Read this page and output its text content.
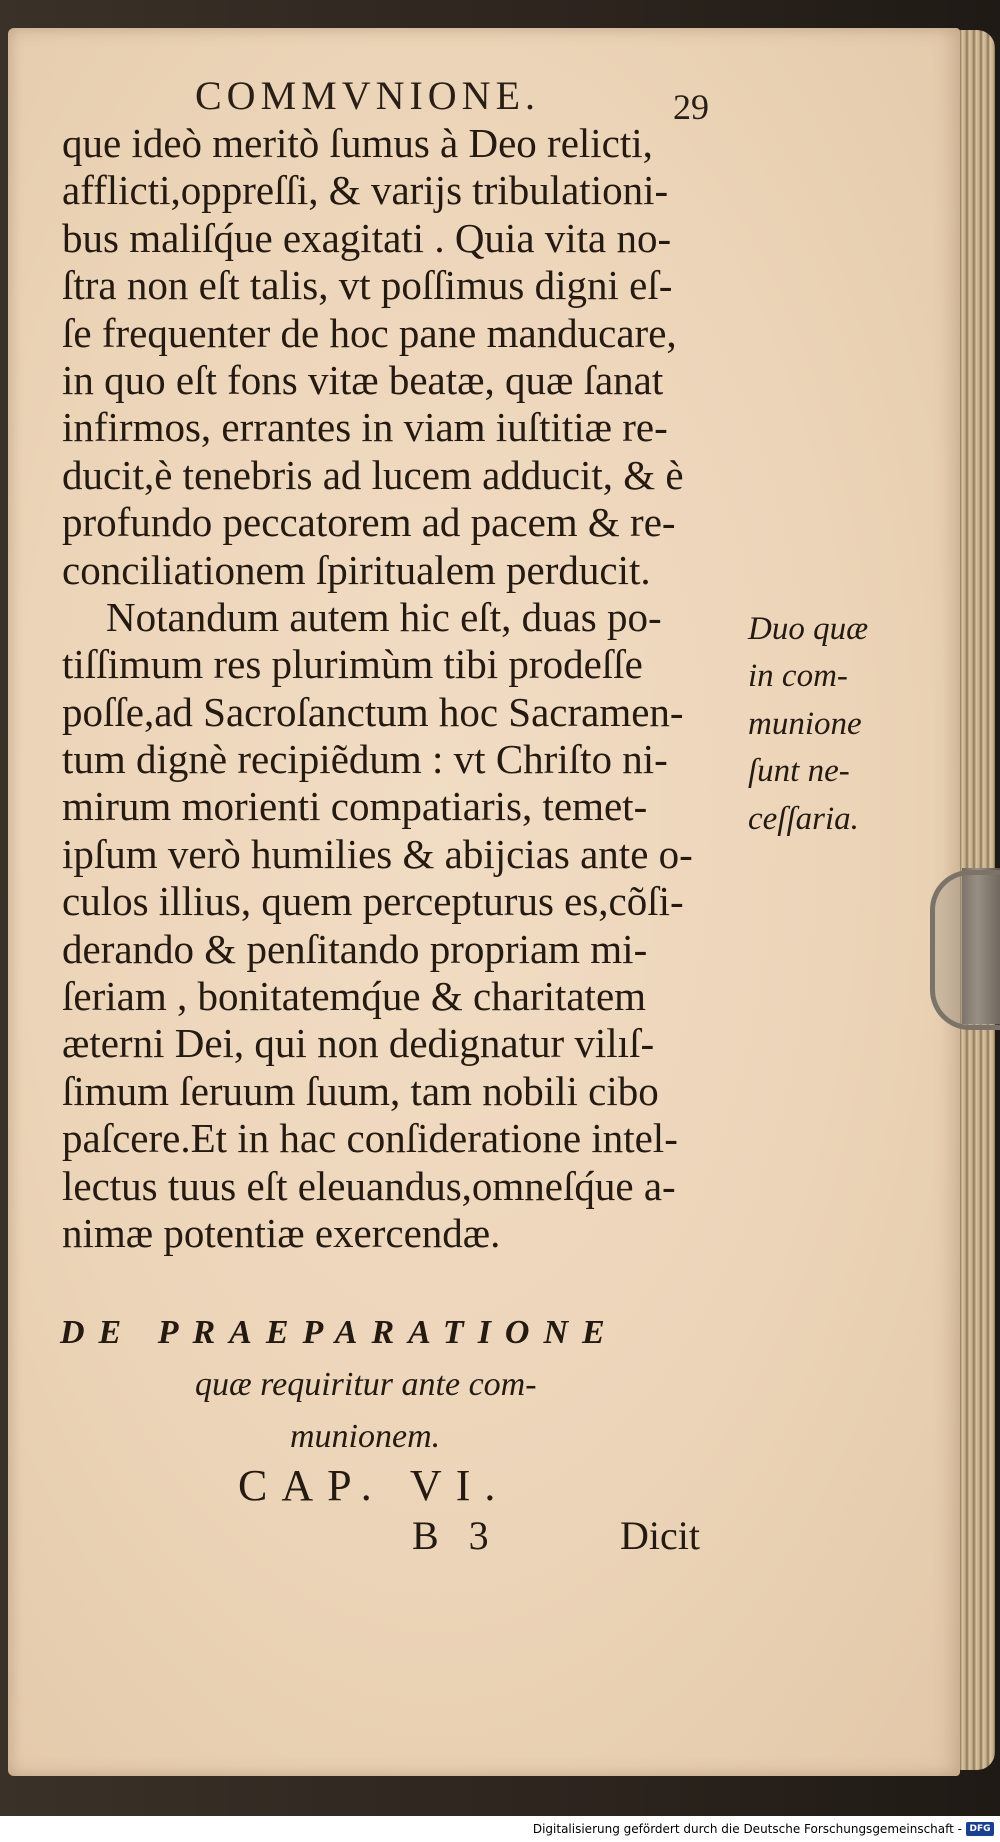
COMMVNIONE.	29
que ideò meritò ſumus à Deo relicti,
afflicti,oppreſſi, & varijs tribulationi-
bus maliſq́ue exagitati . Quia vita no-
ſtra non eſt talis, vt poſſimus digni eſ-
ſe frequenter de hoc pane manducare,
in quo eſt fons vitæ beatæ, quæ ſanat
infirmos, errantes in viam iuſtitiæ re-
ducit,è tenebris ad lucem adducit, & è
profundo peccatorem ad pacem & re-
conciliationem ſpiritualem perducit.
Notandum autem hic eſt, duas po-
tiſſimum res plurimùm tibi prodeſſe
poſſe,ad Sacroſanctum hoc Sacramen-
tum dignè recipiẽdum : vt Chriſto ni-
mirum morienti compatiaris, temet-
ipſum verò humilies & abijcias ante o-
culos illius, quem percepturus es,cõſi-
derando & penſitando propriam mi-
ſeriam , bonitatemq́ue & charitatem
æterni Dei, qui non dedignatur vilıſ-
ſimum ſeruum ſuum, tam nobili cibo
paſcere.Et in hac conſideratione intel-
lectus tuus eſt eleuandus,omneſq́ue a-
nimæ potentiæ exercendæ.
Duo quæ
in com-
munione
ſunt ne-
ceſſaria.
DE PRAEPARATIONE
quæ requiritur ante com-
munionem.
CAP. VI.
B 3	Dicit
Digitalisierung gefördert durch die Deutsche Forschungsgemeinschaft - DFG
